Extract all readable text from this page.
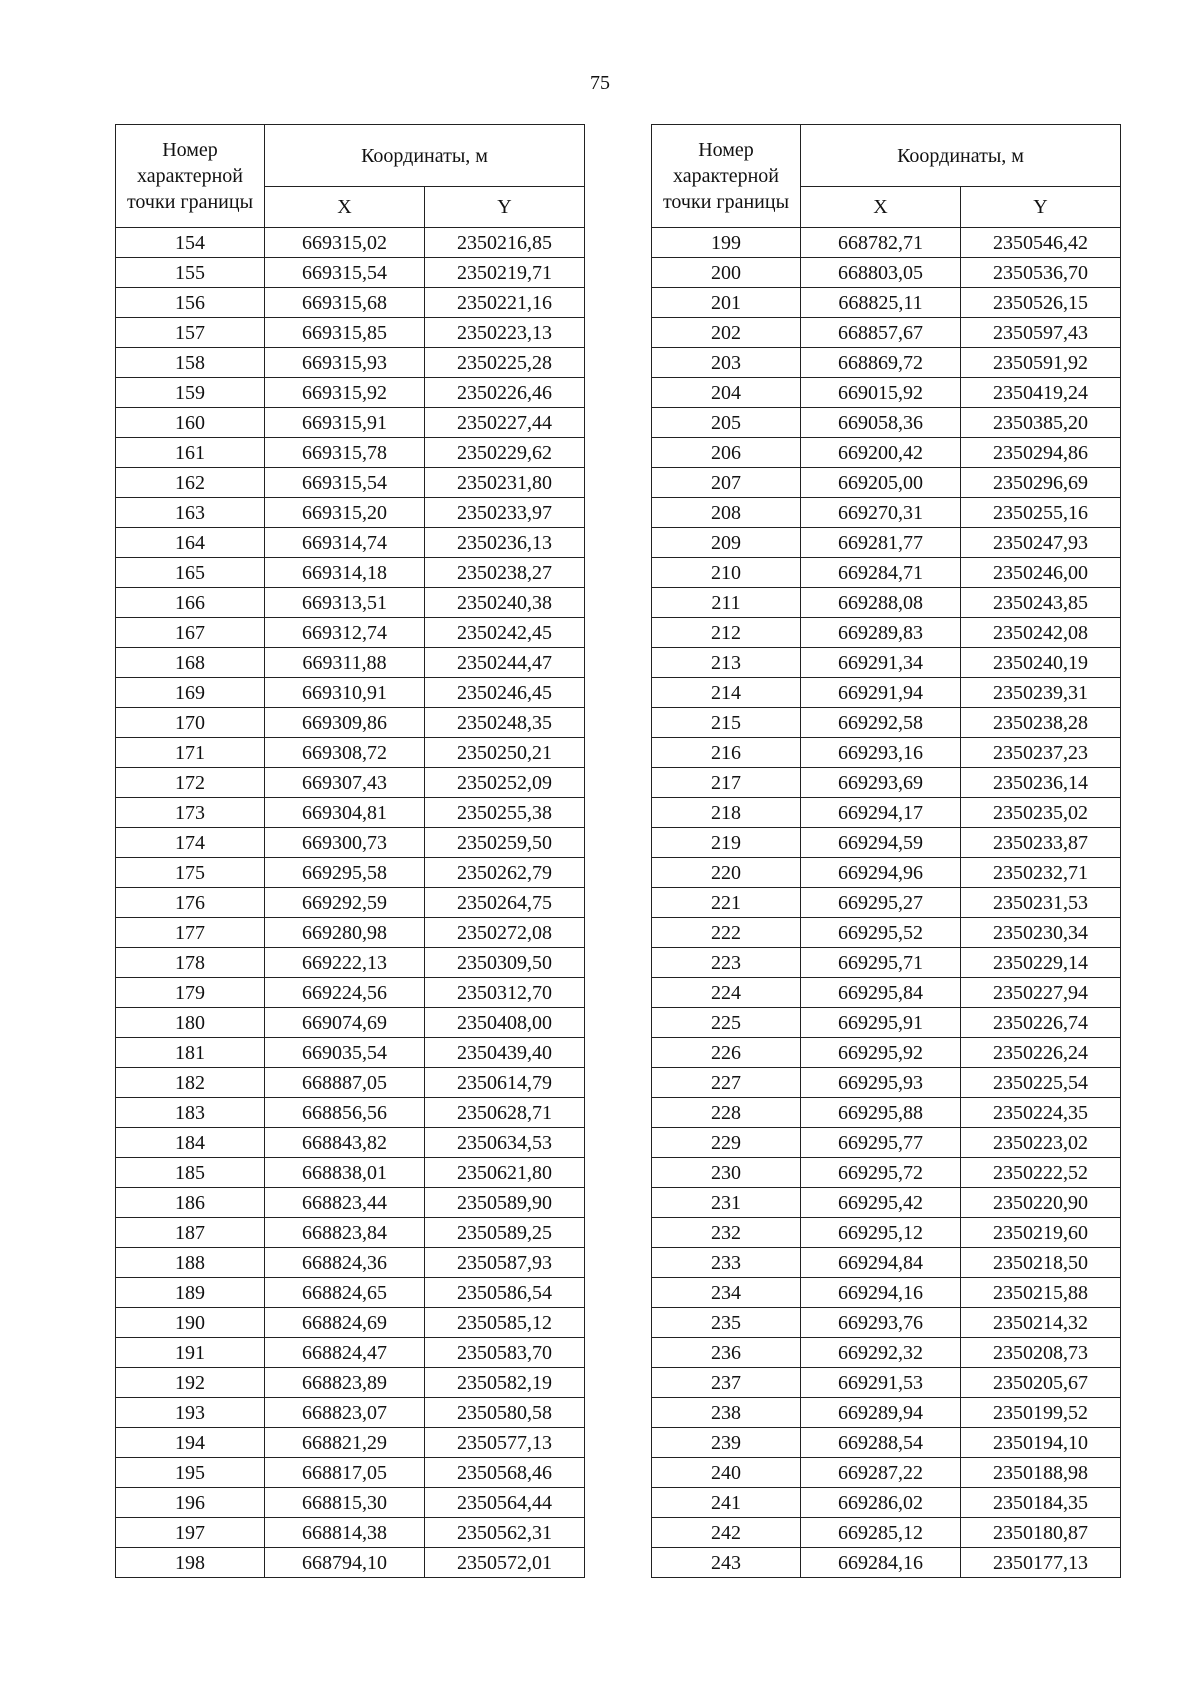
75
Номер характерной точки границы	Координаты, м	
	X	Y
154	669315,02	2350216,85
155	669315,54	2350219,71
156	669315,68	2350221,16
157	669315,85	2350223,13
158	669315,93	2350225,28
159	669315,92	2350226,46
160	669315,91	2350227,44
161	669315,78	2350229,62
162	669315,54	2350231,80
163	669315,20	2350233,97
164	669314,74	2350236,13
165	669314,18	2350238,27
166	669313,51	2350240,38
167	669312,74	2350242,45
168	669311,88	2350244,47
169	669310,91	2350246,45
170	669309,86	2350248,35
171	669308,72	2350250,21
172	669307,43	2350252,09
173	669304,81	2350255,38
174	669300,73	2350259,50
175	669295,58	2350262,79
176	669292,59	2350264,75
177	669280,98	2350272,08
178	669222,13	2350309,50
179	669224,56	2350312,70
180	669074,69	2350408,00
181	669035,54	2350439,40
182	668887,05	2350614,79
183	668856,56	2350628,71
184	668843,82	2350634,53
185	668838,01	2350621,80
186	668823,44	2350589,90
187	668823,84	2350589,25
188	668824,36	2350587,93
189	668824,65	2350586,54
190	668824,69	2350585,12
191	668824,47	2350583,70
192	668823,89	2350582,19
193	668823,07	2350580,58
194	668821,29	2350577,13
195	668817,05	2350568,46
196	668815,30	2350564,44
197	668814,38	2350562,31
198	668794,10	2350572,01
Номер характерной точки границы	Координаты, м	
	X	Y
199	668782,71	2350546,42
200	668803,05	2350536,70
201	668825,11	2350526,15
202	668857,67	2350597,43
203	668869,72	2350591,92
204	669015,92	2350419,24
205	669058,36	2350385,20
206	669200,42	2350294,86
207	669205,00	2350296,69
208	669270,31	2350255,16
209	669281,77	2350247,93
210	669284,71	2350246,00
211	669288,08	2350243,85
212	669289,83	2350242,08
213	669291,34	2350240,19
214	669291,94	2350239,31
215	669292,58	2350238,28
216	669293,16	2350237,23
217	669293,69	2350236,14
218	669294,17	2350235,02
219	669294,59	2350233,87
220	669294,96	2350232,71
221	669295,27	2350231,53
222	669295,52	2350230,34
223	669295,71	2350229,14
224	669295,84	2350227,94
225	669295,91	2350226,74
226	669295,92	2350226,24
227	669295,93	2350225,54
228	669295,88	2350224,35
229	669295,77	2350223,02
230	669295,72	2350222,52
231	669295,42	2350220,90
232	669295,12	2350219,60
233	669294,84	2350218,50
234	669294,16	2350215,88
235	669293,76	2350214,32
236	669292,32	2350208,73
237	669291,53	2350205,67
238	669289,94	2350199,52
239	669288,54	2350194,10
240	669287,22	2350188,98
241	669286,02	2350184,35
242	669285,12	2350180,87
243	669284,16	2350177,13
